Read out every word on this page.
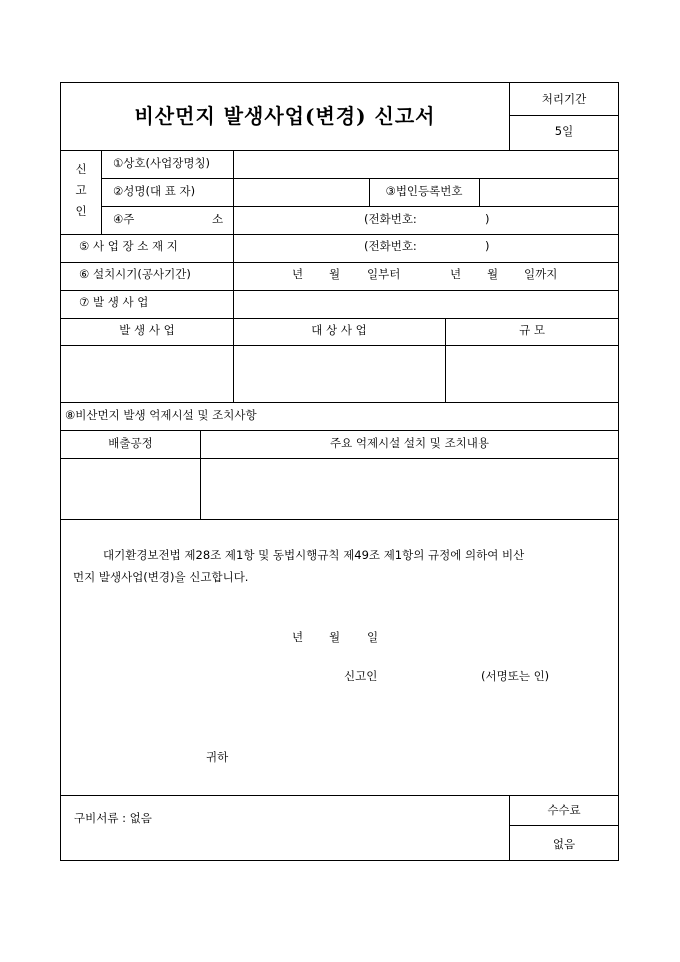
비산먼지 발생사업(변경) 신고서
처리기간
5일
신
고
인
①상호(사업장명칭)
②성명(대 표 자)	③법인등록번호
④주	소	(전화번호:	)
⑤ 사 업 장 소 재 지	(전화번호:	)
⑥ 설치시기(공사기간)	년 월 일부터	년 월 일까지
⑦ 발 생 사 업
발 생 사 업	대 상 사 업	규 모
⑧비산먼지 발생 억제시설 및 조치사항
배출공정	주요 억제시설 설치 및 조치내용
대기환경보전법 제28조 제1항 및 동법시행규칙 제49조 제1항의 규정에 의하여 비산
먼지 발생사업(변경)을 신고합니다.
년 월 일
신고인	(서명또는 인)
귀하
구비서류 : 없음
수수료
없음
